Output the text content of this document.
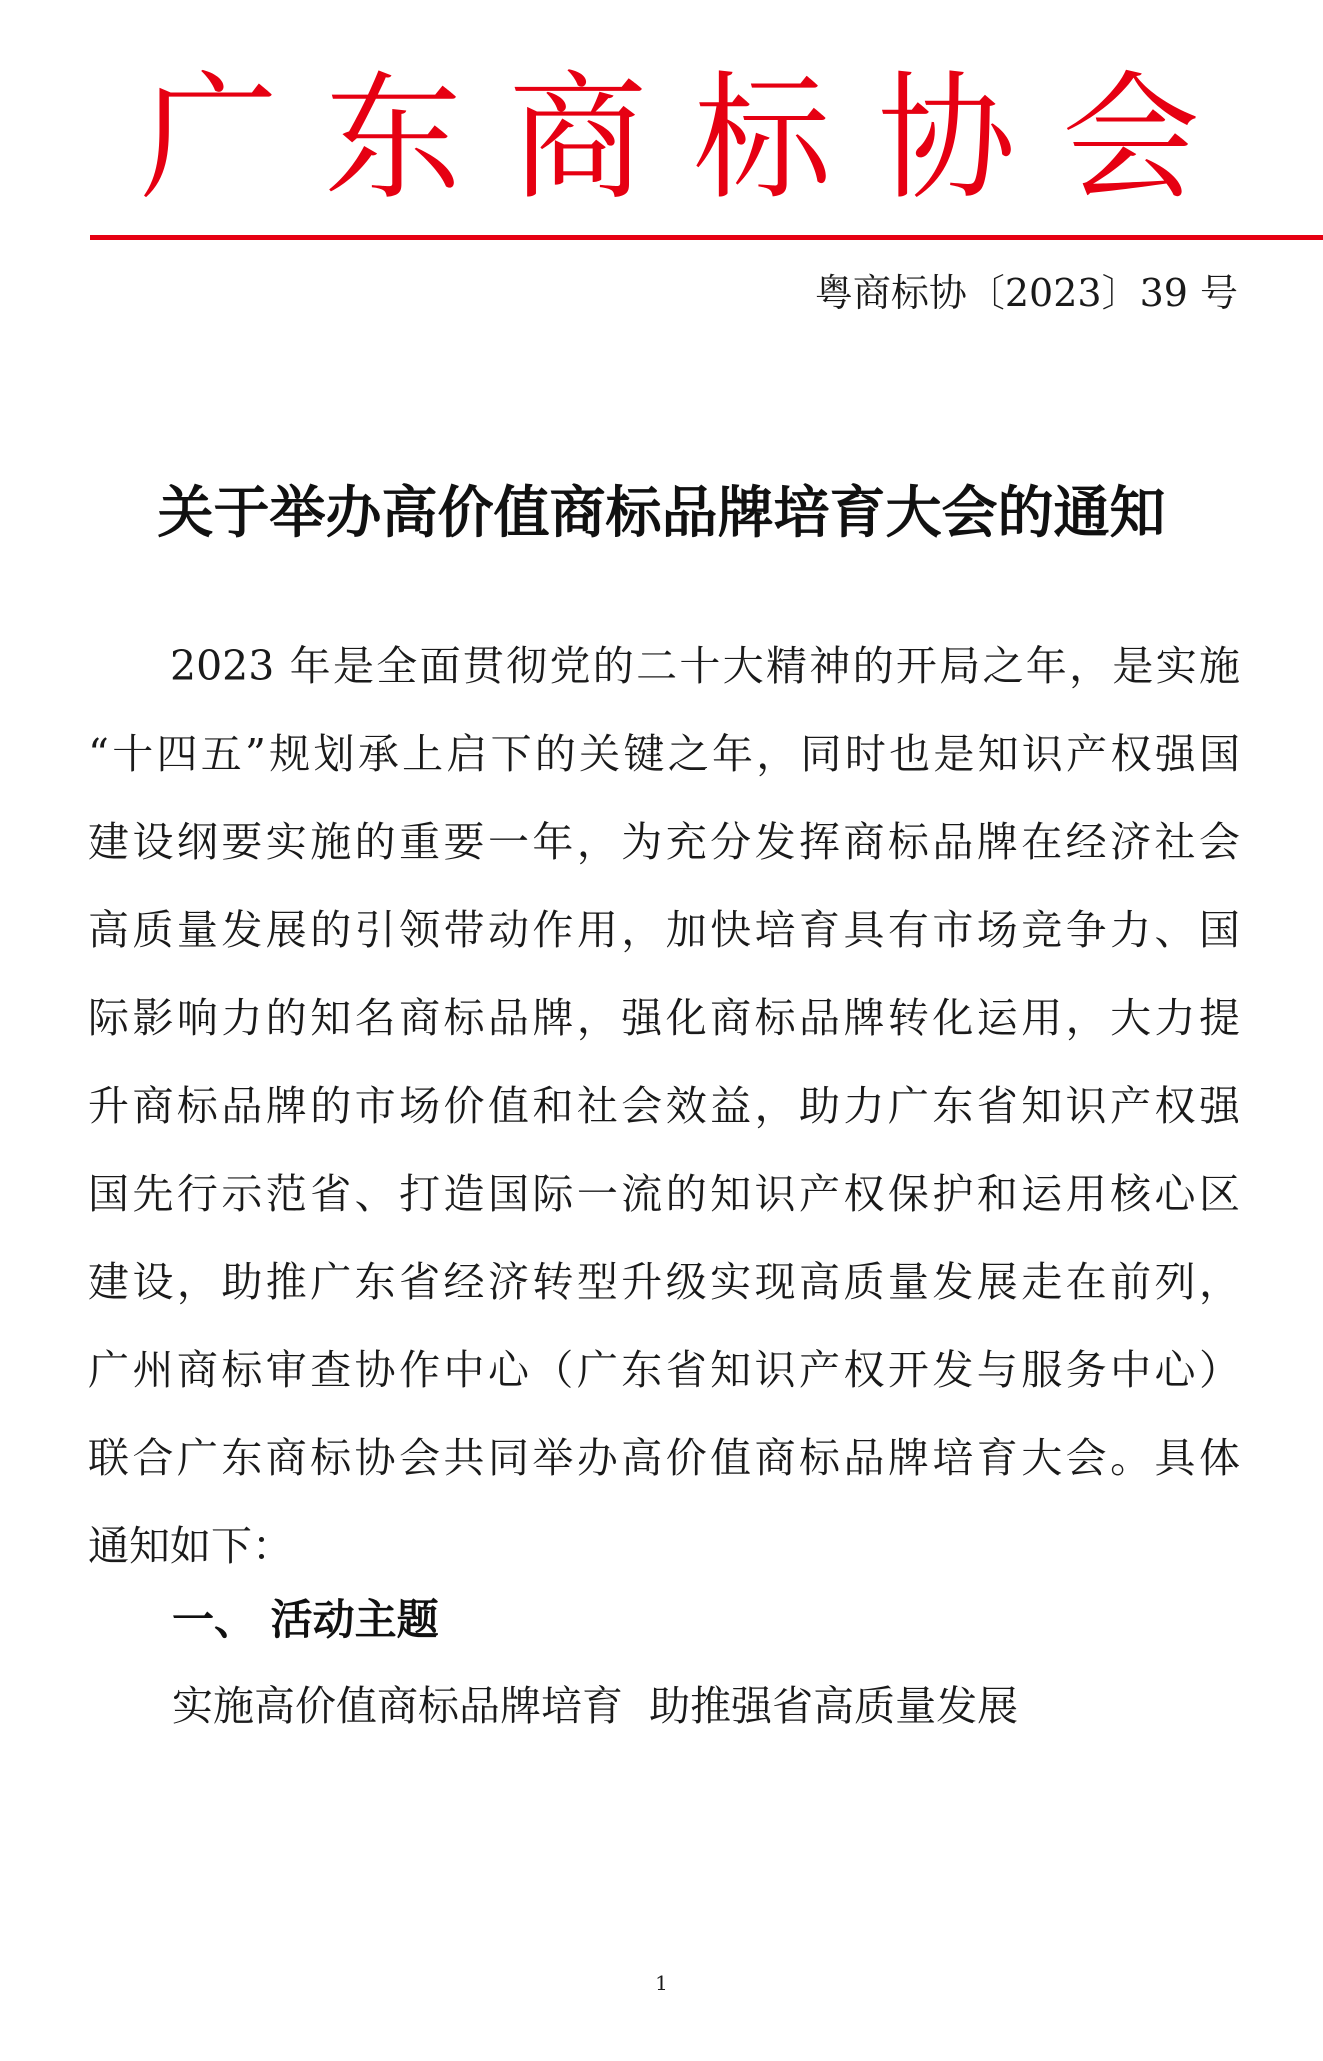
广 东 商 标 协 会
粤商标协〔2023〕39 号
关于举办高价值商标品牌培育大会的通知
2023 年是全面贯彻党的二十大精神的开局之年，是实施
“十四五”规划承上启下的关键之年，同时也是知识产权强国
建设纲要实施的重要一年，为充分发挥商标品牌在经济社会
高质量发展的引领带动作用，加快培育具有市场竞争力、国
际影响力的知名商标品牌，强化商标品牌转化运用，大力提
升商标品牌的市场价值和社会效益，助力广东省知识产权强
国先行示范省、打造国际一流的知识产权保护和运用核心区
建设，助推广东省经济转型升级实现高质量发展走在前列，
广州商标审查协作中心（广东省知识产权开发与服务中心）
联合广东商标协会共同举办高价值商标品牌培育大会。具体
通知如下：
一、 活动主题
实施高价值商标品牌培育  助推强省高质量发展
1
